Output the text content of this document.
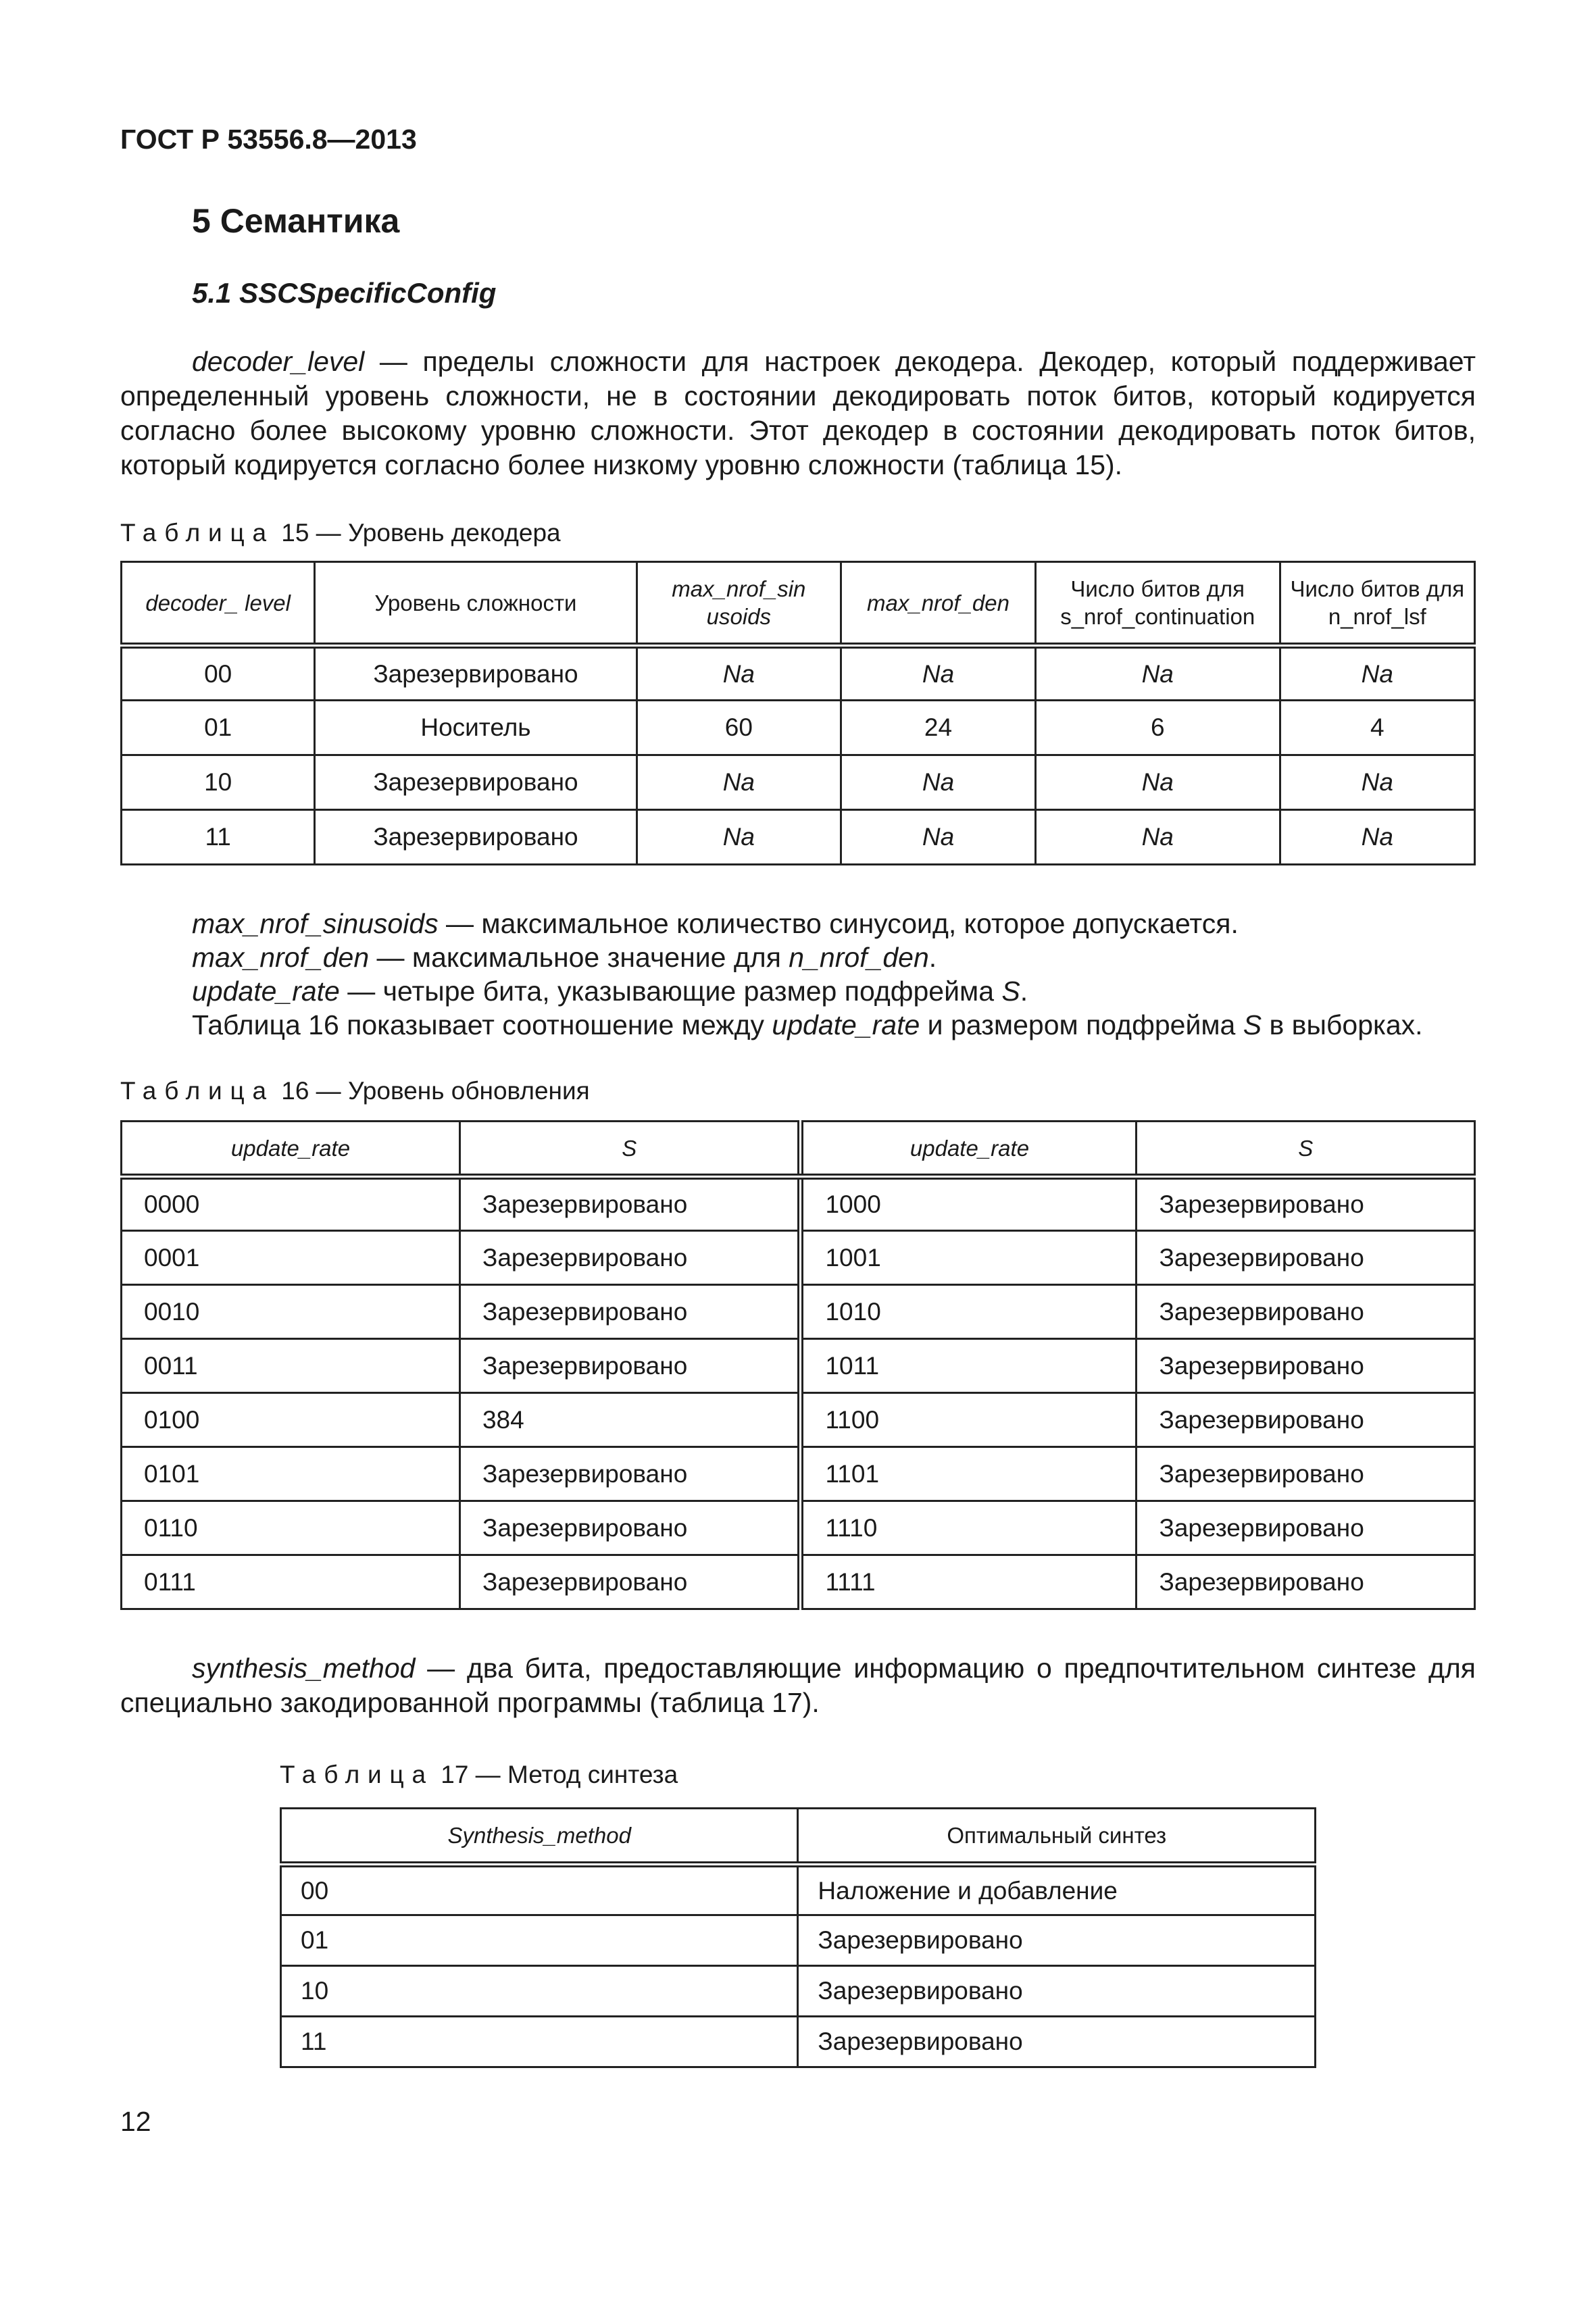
ГОСТ Р 53556.8—2013
5 Семантика
5.1 SSCSpecificConfig
decoder_level — пределы сложности для настроек декодера. Декодер, который поддерживает определенный уровень сложности, не в состоянии декодировать поток битов, который кодируется согласно более высокому уровню сложности. Этот декодер в состоянии декодировать поток битов, который кодируется согласно более низкому уровню сложности (таблица 15).
Таблица 15 — Уровень декодера
decoder_ level	Уровень сложности	max_nrof_sin usoids	max_nrof_den	Число битов для s_nrof_continuation	Число битов для n_nrof_lsf
00	Зарезервировано	Na	Na	Na	Na
01	Носитель	60	24	6	4
10	Зарезервировано	Na	Na	Na	Na
11	Зарезервировано	Na	Na	Na	Na
max_nrof_sinusoids — максимальное количество синусоид, которое допускается.
max_nrof_den — максимальное значение для n_nrof_den.
update_rate — четыре бита, указывающие размер подфрейма S.
Таблица 16 показывает соотношение между update_rate и размером подфрейма S в выборках.
Таблица 16 — Уровень обновления
update_rate	S	update_rate	S
0000	Зарезервировано	1000	Зарезервировано
0001	Зарезервировано	1001	Зарезервировано
0010	Зарезервировано	1010	Зарезервировано
0011	Зарезервировано	1011	Зарезервировано
0100	384	1100	Зарезервировано
0101	Зарезервировано	1101	Зарезервировано
0110	Зарезервировано	1110	Зарезервировано
0111	Зарезервировано	1111	Зарезервировано
synthesis_method — два бита, предоставляющие информацию о предпочтительном синтезе для специально закодированной программы (таблица 17).
Таблица 17 — Метод синтеза
Synthesis_method	Оптимальный синтез
00	Наложение и добавление
01	Зарезервировано
10	Зарезервировано
11	Зарезервировано
12
